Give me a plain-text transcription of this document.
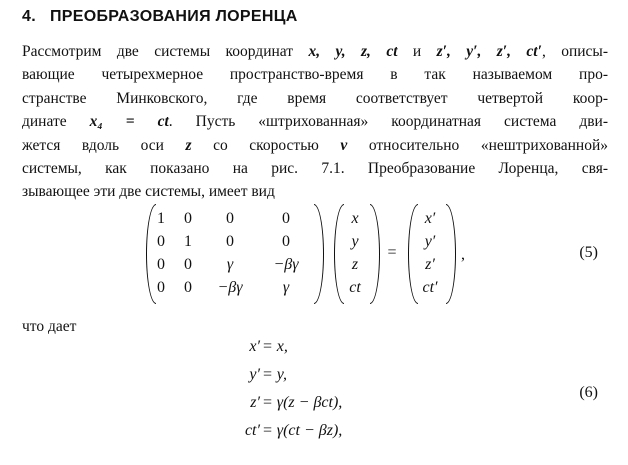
4. ПРЕОБРАЗОВАНИЯ ЛОРЕНЦА
Рассмотрим две системы координат x, y, z, ct и z′, y′, z′, ct′, описы-
вающие четырехмерное пространство-время в так называемом про-
странстве Минковского, где время соответствует четвертой коор-
динате x₄ = ct. Пусть «штрихованная» координатная система дви-
жется вдоль оси z со скоростью v относительно «нештрихованной»
системы, как показано на рис. 7.1. Преобразование Лоренца, свя-
зывающее эти две системы, имеет вид
1	0	0	0
0	1	0	0
0	0	γ	−βγ
0	0	−βγ	γ
x
y
z
ct
=
x′
y′
z′
ct′
,	(5)
что дает
x′ = x,
y′ = y,
z′ = γ(z − βct),
ct′ = γ(ct − βz),
(6)
